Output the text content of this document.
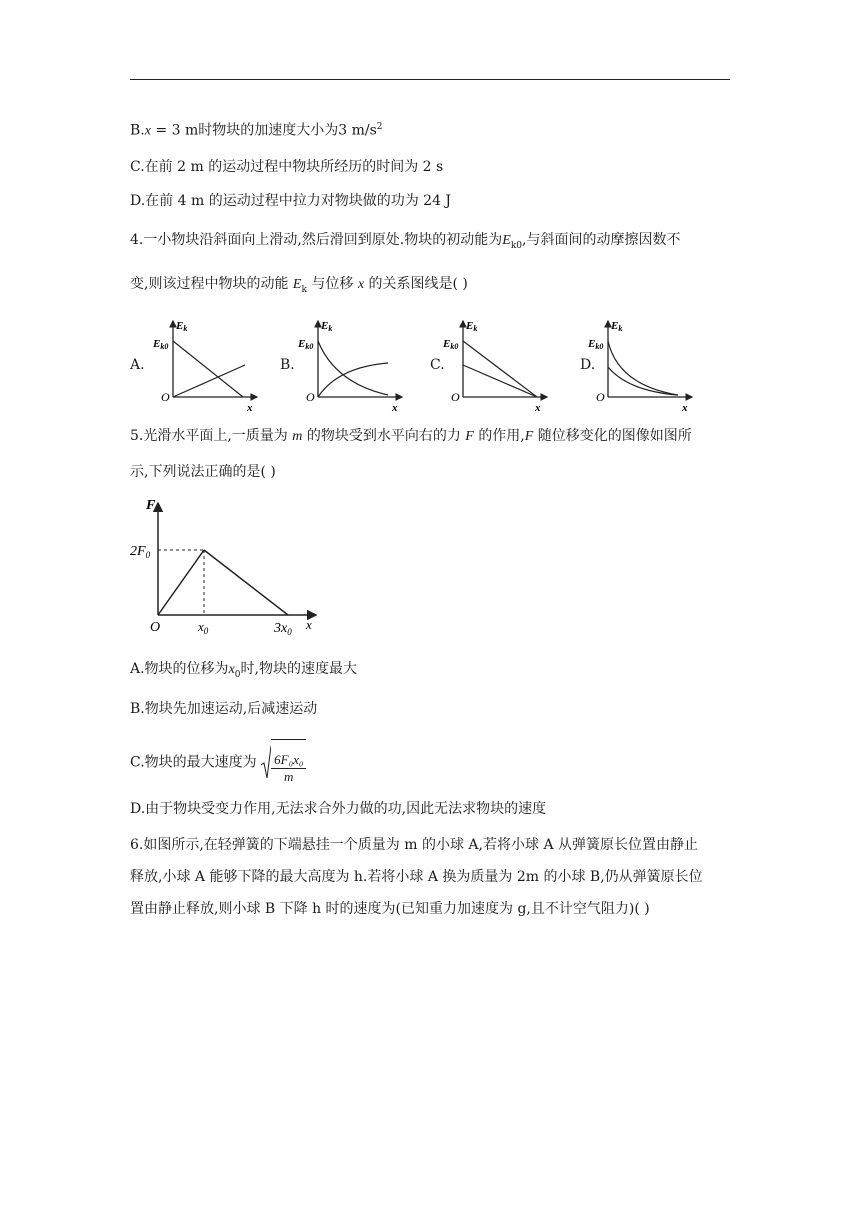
B.x = 3 m时物块的加速度大小为3 $m/s^2$
C.在前 2 m 的运动过程中物块所经历的时间为 2 s
D.在前 4 m 的运动过程中拉力对物块做的功为 24 J
4.一小物块沿斜面向上滑动,然后滑回到原处.物块的初动能为$E_{k0}$,与斜面间的动摩擦因数不
变,则该过程中物块的动能 $E_k$ 与位移 x 的关系图线是( )
A.	B.	C.	D.
Ek
Ek0
O
x
Ek
Ek0
O
x
Ek
Ek0
O
x
Ek
Ek0
O
x
5.光滑水平面上,一质量为 m 的物块受到水平向右的力 F 的作用,F 随位移变化的图像如图所
示,下列说法正确的是( )
F
$2F_0$
O	$x_0$	$3x_0$ x
A.物块的位移为$x_0$时,物块的速度最大
B.物块先加速运动,后减速运动
C.物块的最大速度为 $\frac{\text{6F₀x₀}}{m}$
D.由于物块受变力作用,无法求合外力做的功,因此无法求物块的速度
6.如图所示,在轻弹簧的下端悬挂一个质量为 m 的小球 A,若将小球 A 从弹簧原长位置由静止
释放,小球 A 能够下降的最大高度为 h.若将小球 A 换为质量为 2m 的小球 B,仍从弹簧原长位
置由静止释放,则小球 B 下降 h 时的速度为(已知重力加速度为 g,且不计空气阻力)( )
